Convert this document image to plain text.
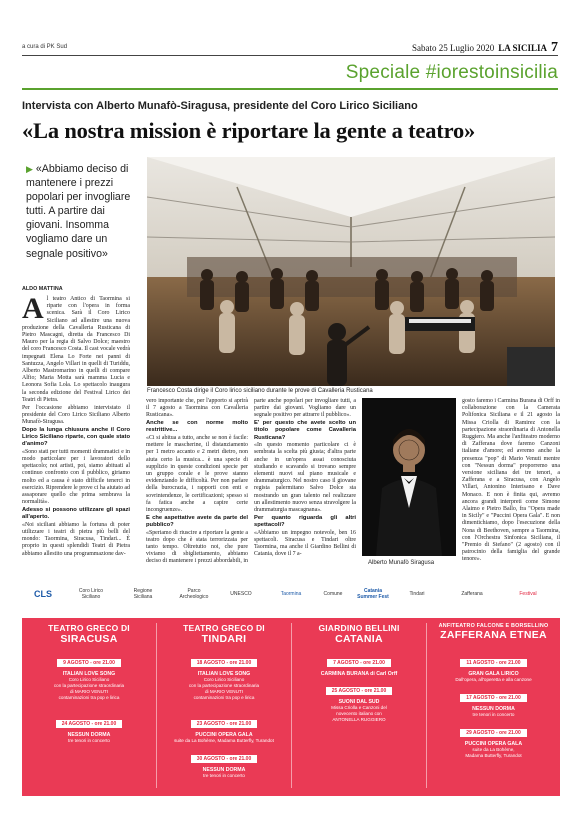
a cura di PK Sud	Sabato 25 Luglio 2020 LA SICILIA 7
Speciale #iorestoinsicilia
Intervista con Alberto Munafò-Siragusa, presidente del Coro Lirico Siciliano
«La nostra mission è riportare la gente a teatro»
▶ «Abbiamo deciso di mantenere i prezzi popolari per invogliare tutti. A partire dai giovani. Insomma vogliamo dare un segnale positivo»
Francesco Costa dirige il Coro lirico siciliano durante le prove di Cavalleria Rusticana
ALDO MATTINA

Al teatro Antico di Taormina si riparte con l'opera in forma scenica. Sarà il Coro Lirico Siciliano ad allestire una nuova produzione della Cavalleria Rusticana di Pietro Mascagni, diretta da Francesco Di Mauro per la regia di Salvo Dolce; maestro del coro Francesco Costa. Il cast vocale vedrà impegnati Elena Lo Forte nei panni di Santuzza, Angelo Villari in quelli di Turiddu, Alberto Mastromarino in quelli di compare Alfio; Maria Motta sarà mamma Lucia e Leonora Sofia Lola. Lo spettacolo inaugura la seconda edizione del Festival Lirico dei Teatri di Pietra.

Per l'occasione abbiamo intervistato il presidente del Coro Lirico Siciliano Alberto Munafò-Siragusa.

Dopo la lunga chiusura anche il Coro Lirico Siciliano riparte, con quale stato d'animo?

«Sono stati per tutti momenti drammatici e in modo particolare per i lavoratori dello spettacolo; noi artisti, poi, siamo abituati al continuo confronto con il pubblico, giriamo molto ed a causa è stato difficile tenerci in esercizio. Riprendere le prove ci ha aiutato ad assaporare quello che prima sembrava la normalità».

Adesso si possono utilizzare gli spazi all'aperto.

«Noi siciliani abbiamo la fortuna di poter utilizzare i teatri di pietra più belli del mondo: Taormina, Siracusa, Tindari... È proprio in questi splendidi Teatri di Pietra abbiamo allestito una programmazione dav-

vero importante che, per l'apporto si aprirà il 7 agosto a Taormina con Cavalleria Rusticana».

Anche se con norme molto restrittive...

«Ci si abitua a tutto, anche se non è facile: mettere le mascherine, il distanziamento per 1 metro accanto e 2 metri dietro, non aiuta certo la musica... è una specie di supplizio in queste condizioni specie per un gruppo corale e le prove stanno evidenziando le difficoltà. Per non parlare della burocrazia, i rapporti con enti e sovrintendenze, le certificazioni; spesso si fa fatica anche a capire certe incongruenze».

E che aspettative avete da parte del pubblico?

«Speriamo di riuscire a riportare la gente a teatro dopo che è stata terrorizzata per tanto tempo. Oltretutto noi, che pure viviamo di sbigliettamento, abbiamo deciso di mantenere i prezzi abbordabili, in

parte anche popolari per invogliare tutti, a partire dai giovani. Vogliamo dare un segnale positivo per attrarre il pubblico».

E' per questo che avete scelto un titolo popolare come Cavalleria Rusticana?

«In questo momento particolare ci è sembrata la scelta più giusta; d'altra parte anche in un'opera assai conosciuta studiando e scavando si trovano sempre elementi nuovi sul piano musicale e drammaturgico. Nel nostro caso il giovane regista palermitano Salvo Dolce sta mostrando un gran talento nel realizzare un allestimento nuovo senza stravolgere la drammaturgia mascagnana».

Per quanto riguarda gli altri spettacoli?

«Abbiamo un impegno notevole, ben 16 spettacoli. Siracusa e Tindari oltre Taormina, ma anche il Giardino Bellini di Catania, dove il 7 a-

Alberto Munafò Siragusa

gosto faremo i Carmina Burana di Orff in collaborazione con la Camerata Polifonica Siciliana e il 21 agosto la Missa Criolla di Ramirez con la partecipazione straordinaria di Antonella Ruggiero. Ma anche l'anfiteatro moderno di Zafferana dove faremo Canzoni italiane d'amore; ed avremo anche la presenza "pop" di Mario Venuti mentre con "Nessun dorma" proporremo una versione siciliana dei tre tenori, a Zafferana e a Siracusa, con Angelo Villari, Antonino Interisano e Dave Monaco. E non è finita qui, avremo ancora grandi interpreti come Simone Alaimo e Pietro Ballo, fra "Opera made in Sicily" e "Puccini Opera Gala". E non dimentichiamo, dopo l'esecuzione della Nona di Beethoven, sempre a Taormina, con l'Orchestra Sinfonica Siciliana, il "Premio di Stefano" (2 agosto) con il patrocinio della famiglia del grande tenore».

CLS	Coro Lirico Siciliano
Regione Siciliana
Parco Archeologico	UNESCO	Taormina	Comune	Catania Summer Fest	Tindari	Zafferana	Festival
TEATRO GRECO DI
SIRACUSA
9 AGOSTO - ore 21.00
ITALIAN LOVE SONG
Coro Lirico Siciliano
con la partecipazione straordinaria
di MARIO VENUTI
contaminazioni tra pop e lirica
24 AGOSTO - ore 21.00
NESSUN DORMA
tre tenori in concerto
TEATRO GRECO DI
TINDARI
18 AGOSTO - ore 21.00
ITALIAN LOVE SONG
Coro Lirico Siciliano
con la partecipazione straordinaria
di MARIO VENUTI
contaminazioni tra pop e lirica
23 AGOSTO - ore 21.00
PUCCINI OPERA GALA
suite da La Bohème, Madama Butterfly, Turandot
30 AGOSTO - ore 21.00
NESSUN DORMA
tre tenori in concerto
GIARDINO BELLINI
CATANIA
7 AGOSTO - ore 21.00
CARMINA BURANA di Carl Orff
25 AGOSTO - ore 21.00
SUONI DAL SUD
Missa Criolla e Canzoni del
novecento italiano con
ANTONELLA RUGGIERO
ANFITEATRO FALCONE E BORSELLINO
ZAFFERANA ETNEA
11 AGOSTO - ore 21.00
GRAN GALA LIRICO
Dall'opera, all'operetta e alla canzone
17 AGOSTO - ore 21.00
NESSUN DORMA
tre tenori in concerto
29 AGOSTO - ore 21.00
PUCCINI OPERA GALA
suite da La Bohème,
Madama Butterfly, Turandot
